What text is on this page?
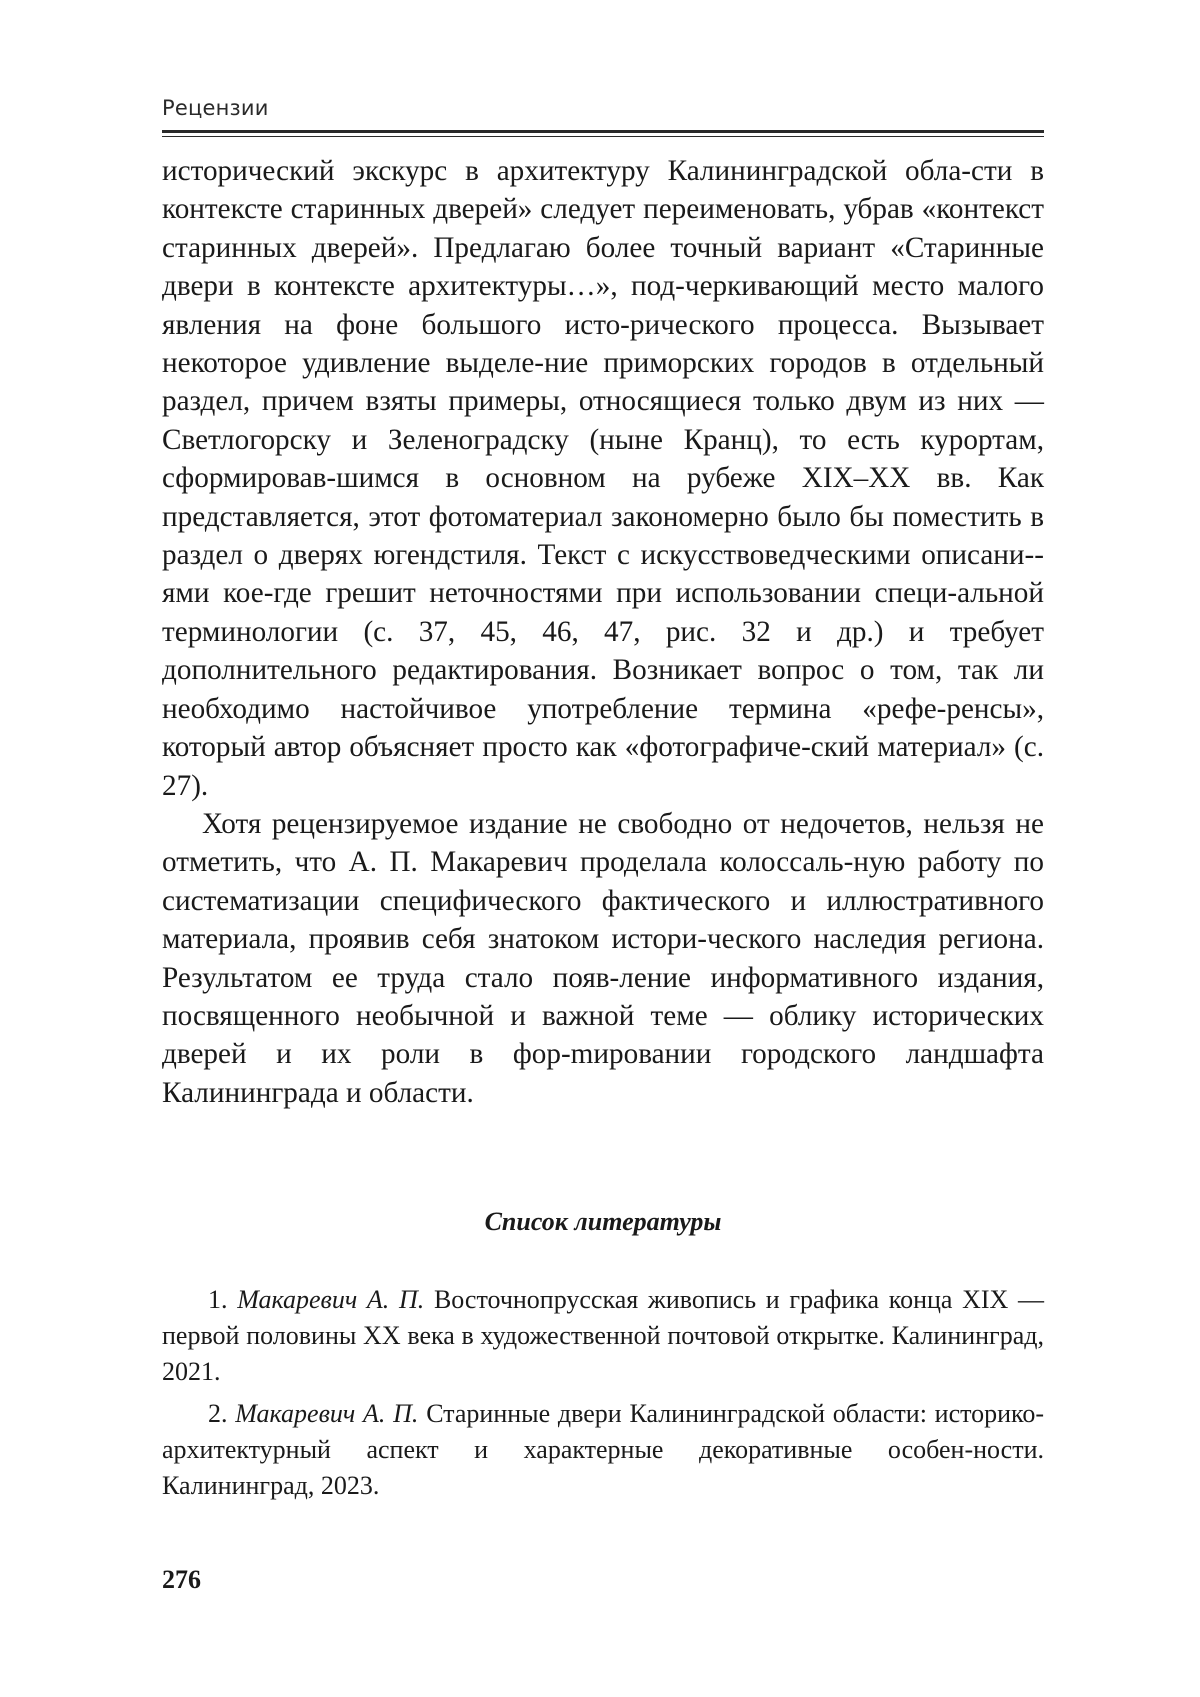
Рецензии

исторический экскурс в архитектуру Калининградской обла-сти в контексте старинных дверей» следует переименовать, убрав «контекст старинных дверей». Предлагаю более точный вариант «Старинные двери в контексте архитектуры…», под-черкивающий место малого явления на фоне большого исто-рического процесса. Вызывает некоторое удивление выделе-ние приморских городов в отдельный раздел, причем взяты примеры, относящиеся только двум из них — Светлогорску и Зеленоградску (ныне Кранц), то есть курортам, сформировав-шимся в основном на рубеже XIX–XX вв. Как представляется, этот фотоматериал закономерно было бы поместить в раздел о дверях югендстиля. Текст с искусствоведческими описани-ями кое-где грешит неточностями при использовании специ-альной терминологии (с. 37, 45, 46, 47, рис. 32 и др.) и требует дополнительного редактирования. Возникает вопрос о том, так ли необходимо настойчивое употребление термина «рефе-ренсы», который автор объясняет просто как «фотографиче-ский материал» (с. 27).

Хотя рецензируемое издание не свободно от недочетов, нельзя не отметить, что А. П. Макаревич проделала колоссаль-ную работу по систематизации специфического фактического и иллюстративного материала, проявив себя знатоком истори-ческого наследия региона. Результатом ее труда стало появ-ление информативного издания, посвященного необычной и важной теме — облику исторических дверей и их роли в фор-mировании городского ландшафта Калининграда и области.

Список литературы

1. Макаревич А. П. Восточнопрусская живопись и графика конца XIX — первой половины XX века в художественной почтовой открытке. Калининград, 2021.

2. Макаревич А. П. Старинные двери Калининградской области: историко-архитектурный аспект и характерные декоративные особен-ности. Калининград, 2023.

276
